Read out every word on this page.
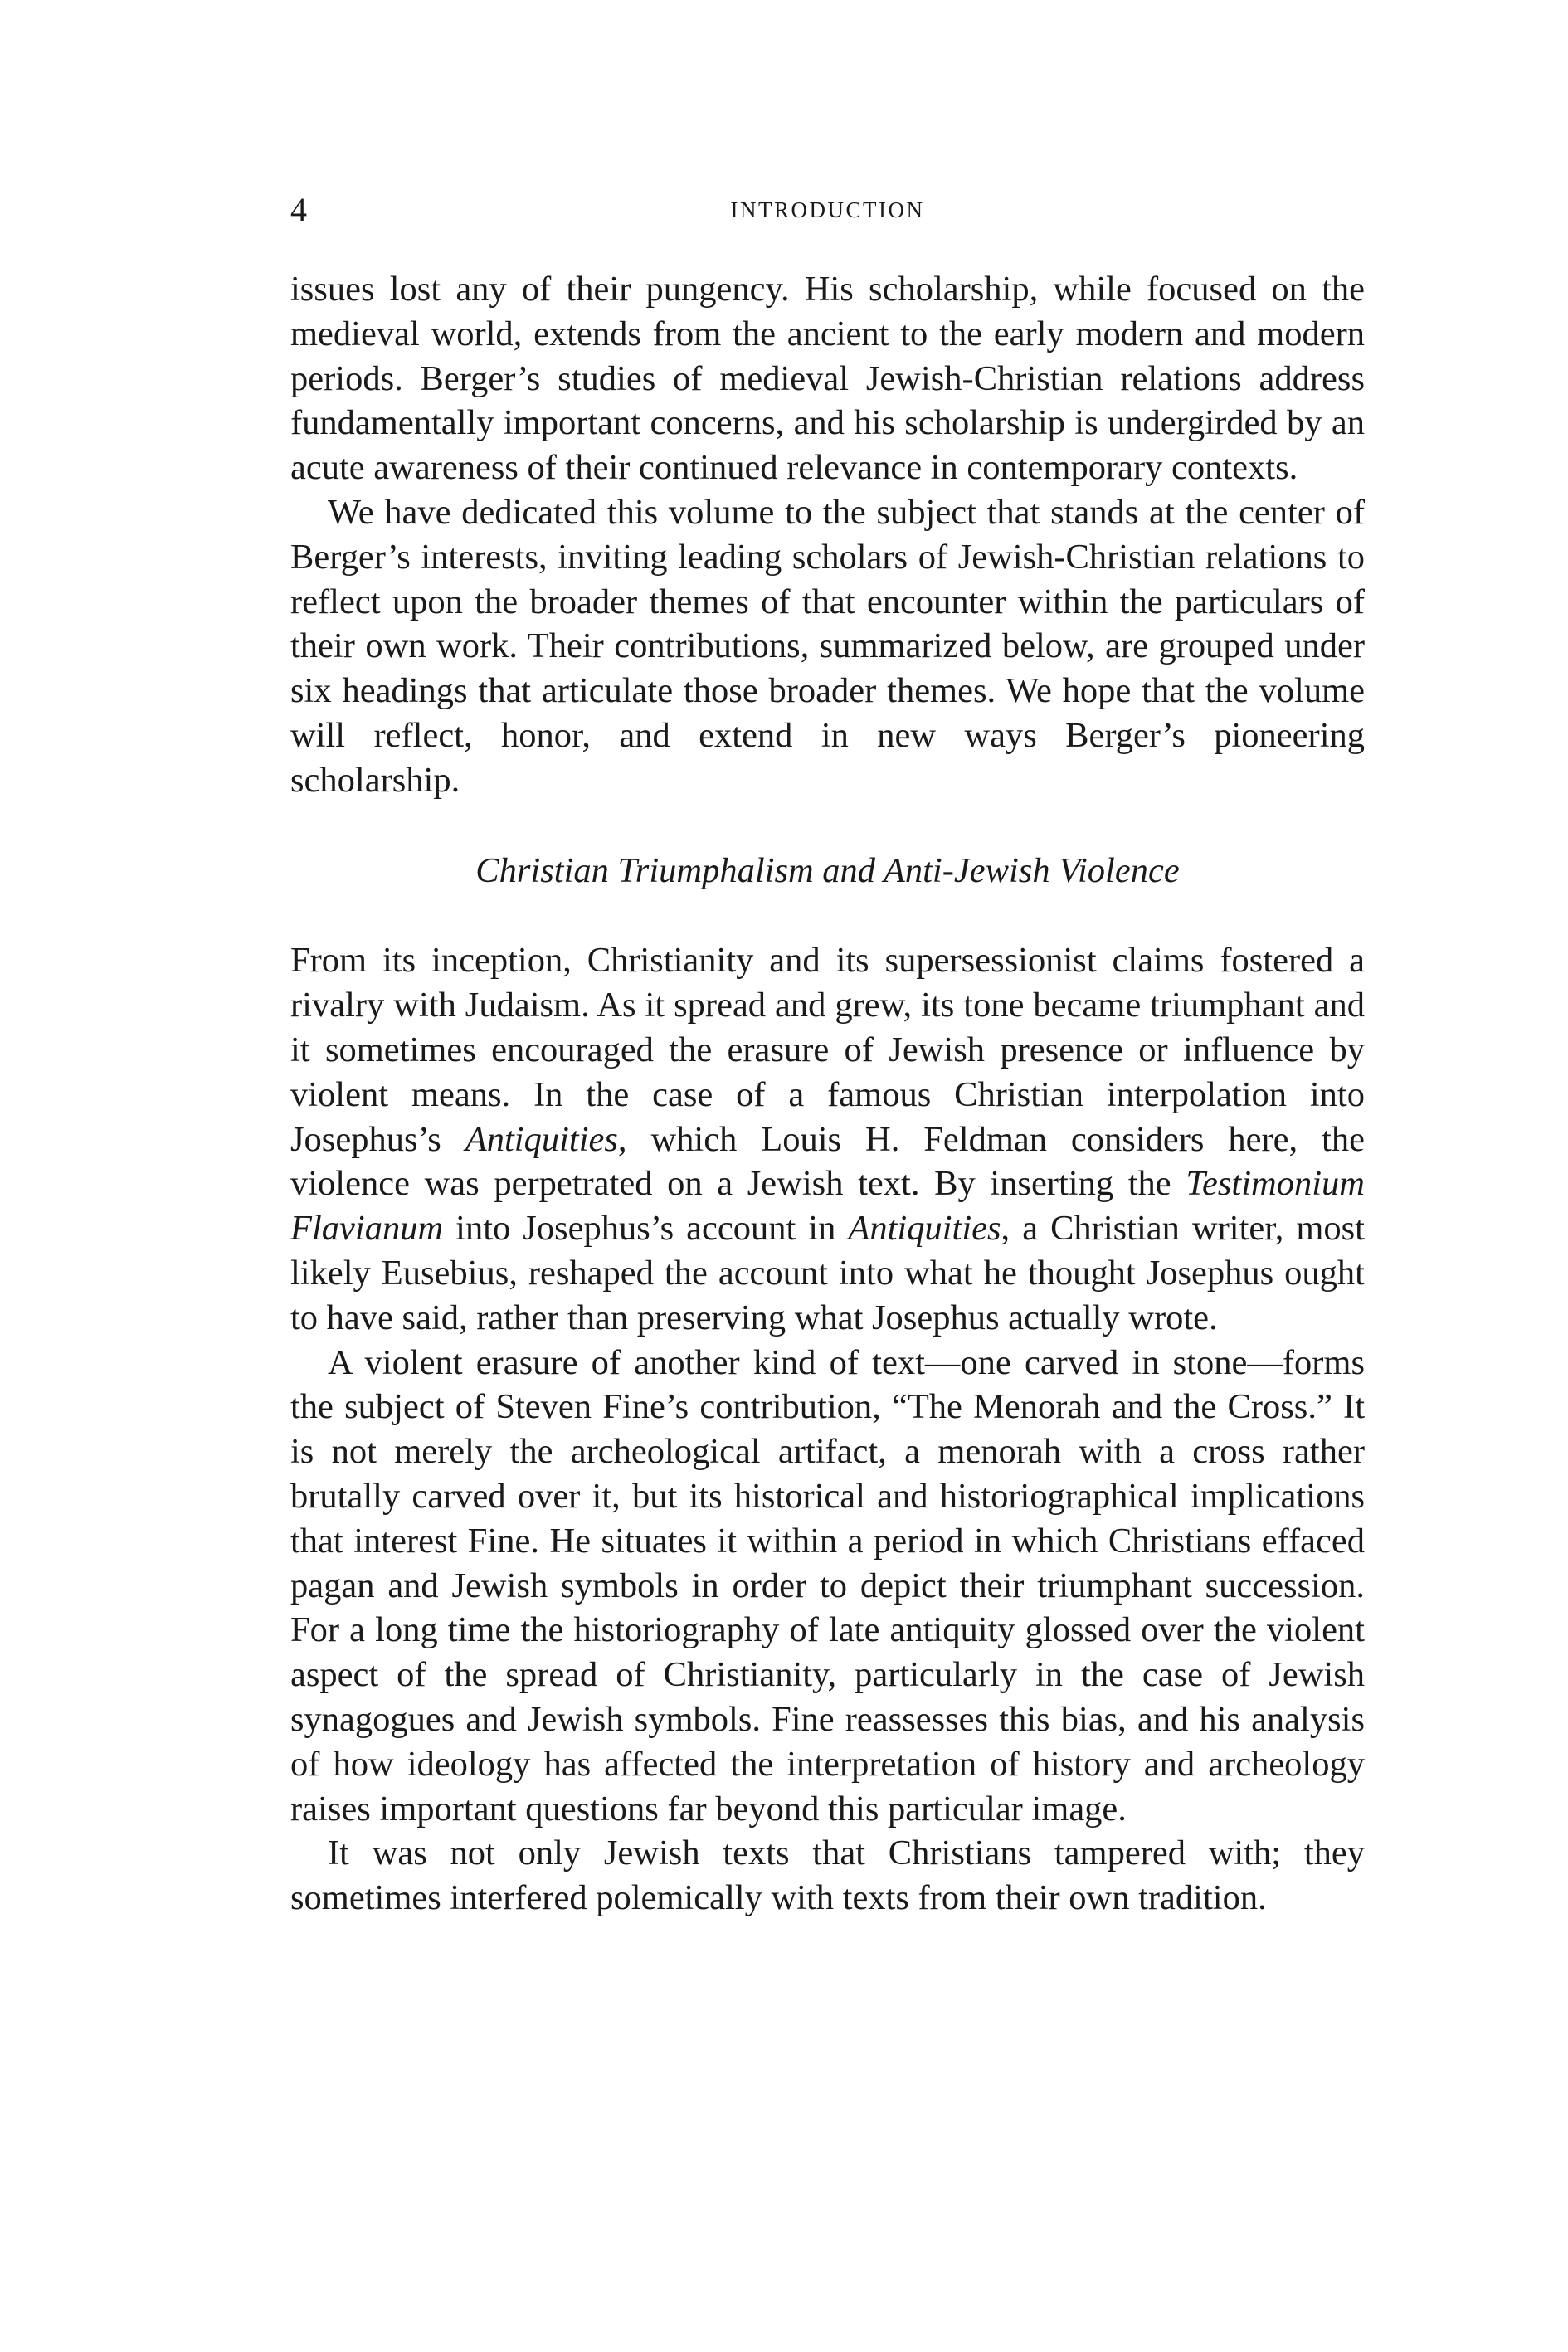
4	INTRODUCTION

issues lost any of their pungency. His scholarship, while focused on the medieval world, extends from the ancient to the early modern and modern periods. Berger’s studies of medieval Jewish-Christian relations address fundamentally important concerns, and his scholarship is undergirded by an acute awareness of their continued relevance in contemporary contexts.

We have dedicated this volume to the subject that stands at the center of Berger’s interests, inviting leading scholars of Jewish-Christian relations to reflect upon the broader themes of that encounter within the particulars of their own work. Their contributions, summarized below, are grouped under six headings that articulate those broader themes. We hope that the volume will reflect, honor, and extend in new ways Berger’s pioneering scholarship.

Christian Triumphalism and Anti-Jewish Violence

From its inception, Christianity and its supersessionist claims fostered a rivalry with Judaism. As it spread and grew, its tone became triumphant and it sometimes encouraged the erasure of Jewish presence or influence by violent means. In the case of a famous Christian interpolation into Josephus’s Antiquities, which Louis H. Feldman considers here, the violence was perpetrated on a Jewish text. By inserting the Testimonium Flavianum into Josephus’s account in Antiquities, a Christian writer, most likely Eusebius, reshaped the account into what he thought Josephus ought to have said, rather than preserving what Josephus actually wrote.

A violent erasure of another kind of text—one carved in stone—forms the subject of Steven Fine’s contribution, “The Menorah and the Cross.” It is not merely the archeological artifact, a menorah with a cross rather brutally carved over it, but its historical and historiographical implications that interest Fine. He situates it within a period in which Christians effaced pagan and Jewish symbols in order to depict their triumphant succession. For a long time the historiography of late antiquity glossed over the violent aspect of the spread of Christianity, particularly in the case of Jewish synagogues and Jewish symbols. Fine reassesses this bias, and his analysis of how ideology has affected the interpretation of history and archeology raises important questions far beyond this particular image.

It was not only Jewish texts that Christians tampered with; they sometimes interfered polemically with texts from their own tradition.
